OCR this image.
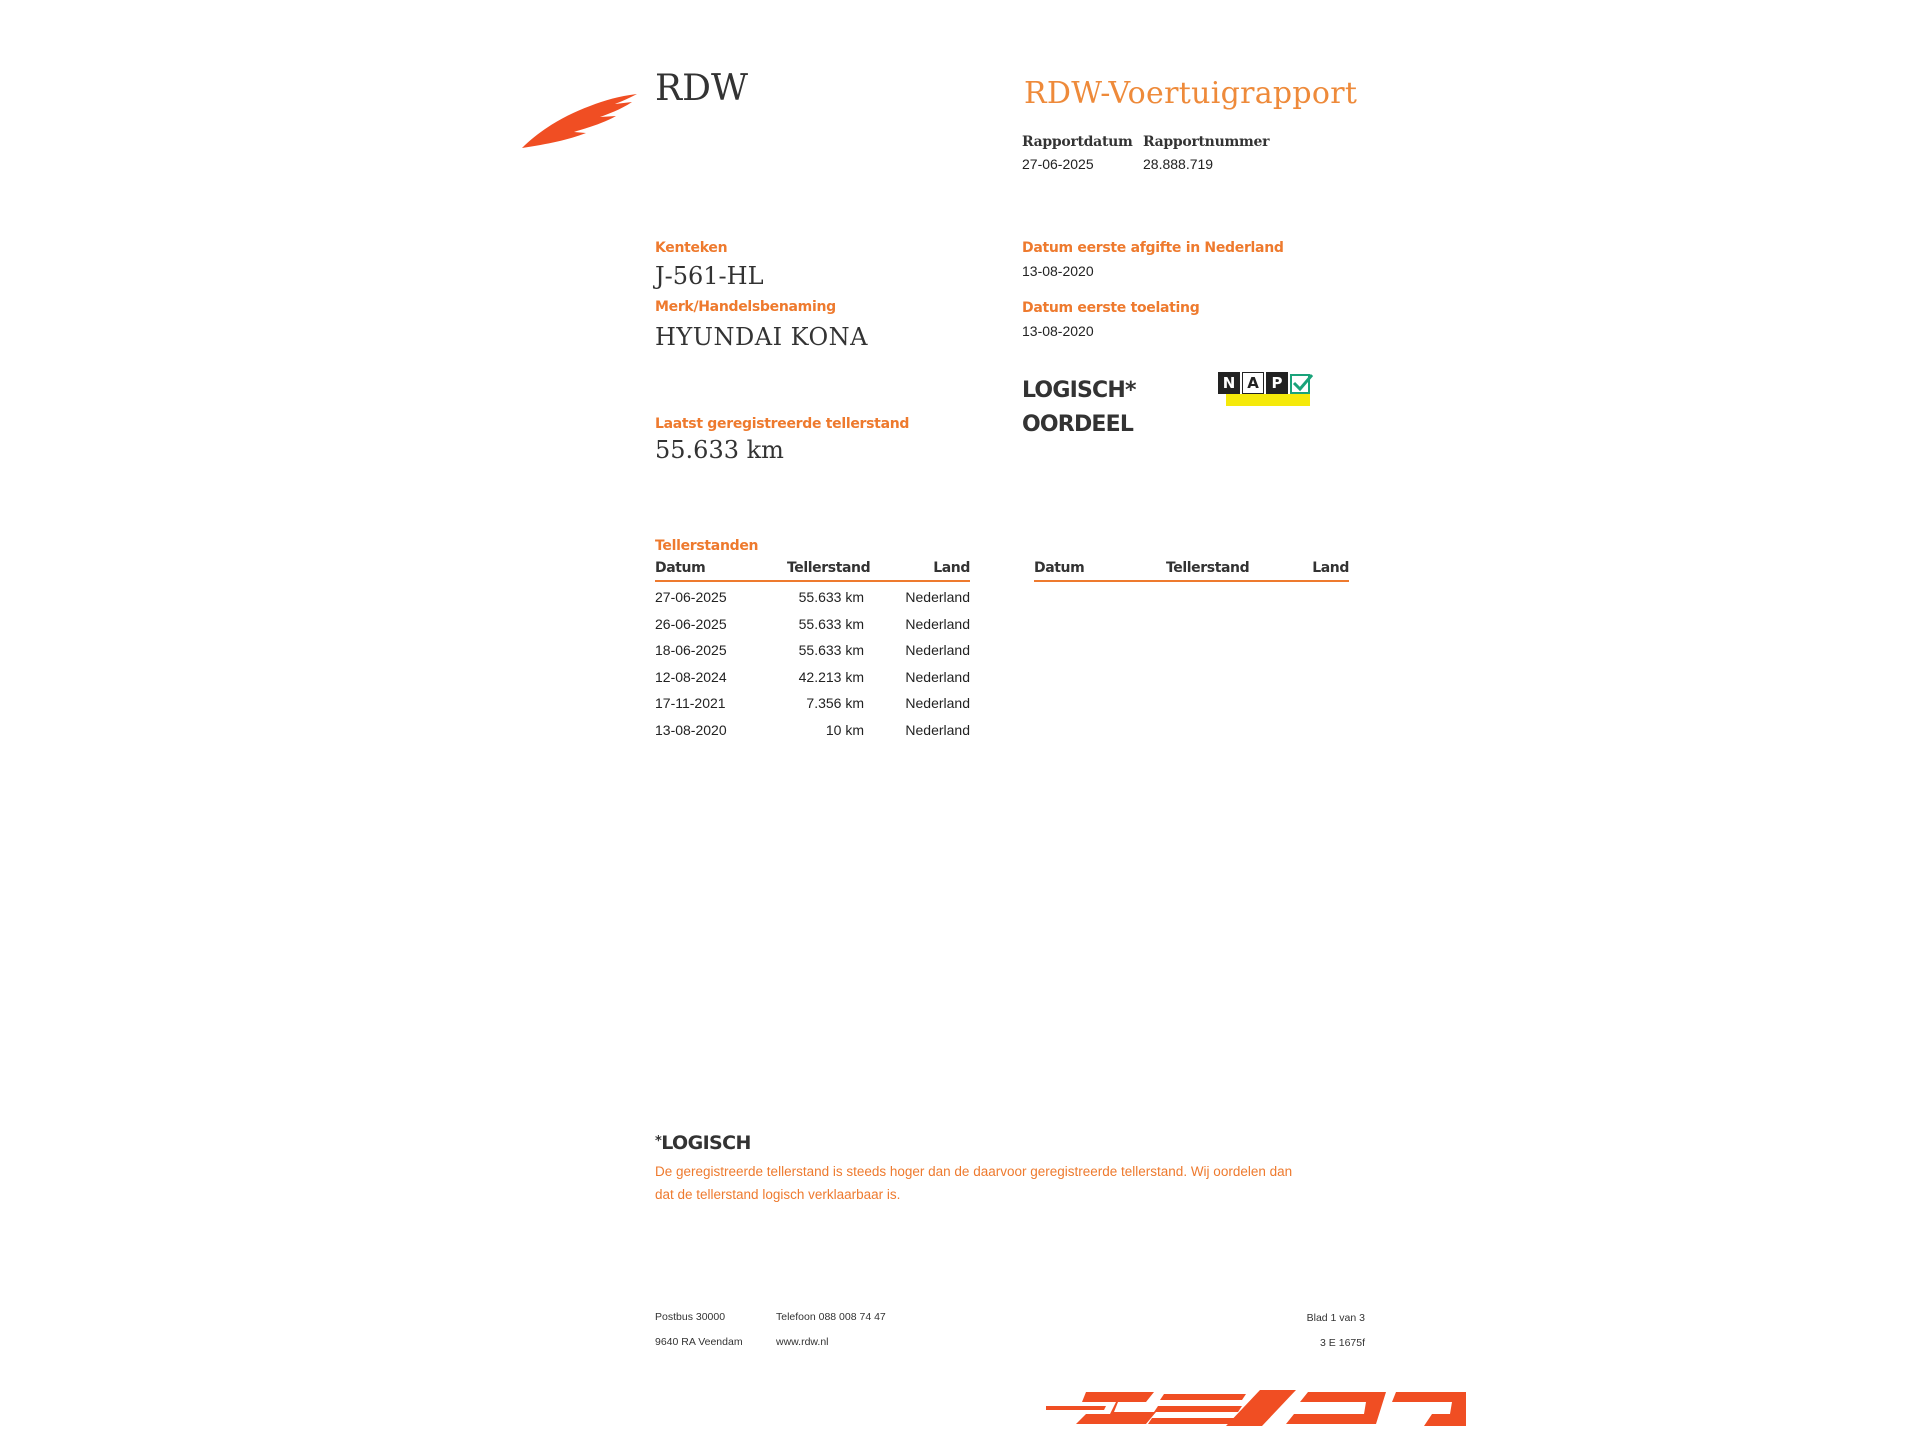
RDW	RDW-Voertuigrapport
Rapportdatum
27-06-2025
Rapportnummer
28.888.719
Kenteken
J-561-HL
Merk/Handelsbenaming
HYUNDAI KONA
Laatst geregistreerde tellerstand
55.633 km
Datum eerste afgifte in Nederland
13-08-2020
Datum eerste toelating
13-08-2020
LOGISCH*
OORDEEL
N A P
Tellerstanden
Datum	Tellerstand	Land
27-06-2025	55.633 km	Nederland
26-06-2025	55.633 km	Nederland
18-06-2025	55.633 km	Nederland
12-08-2024	42.213 km	Nederland
17-11-2021	7.356 km	Nederland
13-08-2020	10 km	Nederland
Datum	Tellerstand	Land
*LOGISCH
De geregistreerde tellerstand is steeds hoger dan de daarvoor geregistreerde tellerstand. Wij oordelen dan
dat de tellerstand logisch verklaarbaar is.
Postbus 30000
9640 RA Veendam
Telefoon 088 008 74 47
www.rdw.nl
Blad 1 van 3
3 E 1675f
